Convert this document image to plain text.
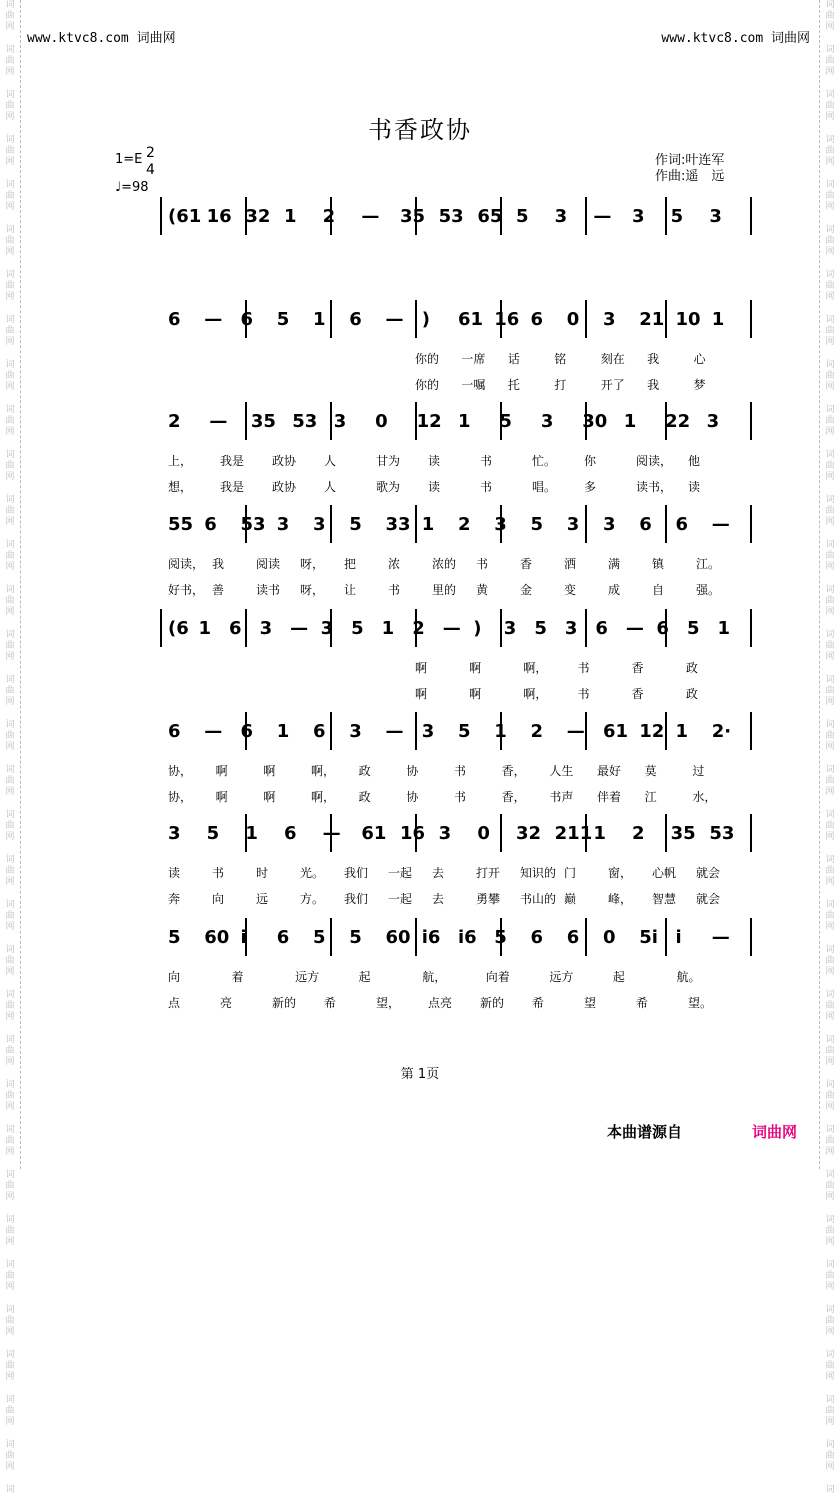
词
曲
网
词
曲
网
词
曲
网
词
曲
网
词
曲
网
词
曲
网
词
曲
网
词
曲
网
词
曲
网
词
曲
网
词
曲
网
词
曲
网
词
曲
网
词
曲
网
词
曲
网
词
曲
网
词
曲
网
词
曲
网
词
曲
网
词
曲
网
词
曲
网
词
曲
网
词
曲
网
词
曲
网
词
曲
网
词
曲
网
词
曲
网
词
曲
网
词
曲
网
词
曲
网
词
曲
网
词
曲
网
词
曲
网
词
词
曲
网
词
曲
网
词
曲
网
词
曲
网
词
曲
网
词
曲
网
词
曲
网
词
曲
网
词
曲
网
词
曲
网
词
曲
网
词
曲
网
词
曲
网
词
曲
网
词
曲
网
词
曲
网
词
曲
网
词
曲
网
词
曲
网
词
曲
网
词
曲
网
词
曲
网
词
曲
网
词
曲
网
词
曲
网
词
曲
网
词
曲
网
词
曲
网
词
曲
网
词
曲
网
词
曲
网
词
曲
网
词
曲
网
词
www.ktvc8.com 词曲网	www.ktvc8.com 词曲网
书香政协
1=E 2
4
♩=98
作词:叶连军
作曲:遥　远
(61 16 32 1 2 — 35 53 65 5 3 — 3 5 3
6 — 6 5 1 6 — ) 61 16 6 0 3 21 10 1
你的 一席 话	铭	刻在 我	心
你的 一嘱 托	打	开了 我	梦
2 — 35 53 3 0 12 1 5 3 30 1 22 3
上， 我是 政协 人	甘为 读	书	忙。 你	阅读， 他
想， 我是 政协 人	歌为 读	书	唱。 多	读书， 读
55 6 53 3 3 5 33 1 2 3 5 3 3 6 6 —
阅读， 我	阅读 呀， 把	浓	浓的 书	香	洒	满	镇	江。
好书， 善	读书 呀， 让	书	里的 黄	金	变	成	自	强。
(6 1 6 3 — 3 5 1 2 — ) 3 5 3 6 — 6 5 1
啊	啊	啊，	书	香	政
啊	啊	啊，	书	香	政
6 — 6 1 6 3 — 3 5 1 2 — 61 12 1 2·
协， 啊	啊	啊， 政	协	书	香， 人生 最好 莫	过
协， 啊	啊	啊， 政	协	书	香， 书声 伴着 江	水，
3 5 1 6 — 61 16 3 0 32 211 1 2 35 53
读	书	时	光。 我们 一起 去	打开 知识的 门	窗， 心帆 就会
奔	向	远	方。 我们 一起 去	勇攀 书山的 巅	峰， 智慧 就会
5 60 i 6 5 5 60 i6 i6 5 6 6 0 5i i —
向	着	远方	起	航，	向着	远方	起	航。
点	亮	新的 希	望， 点亮 新的 希	望	希	望。
第 1页
本曲谱源自	词曲网
